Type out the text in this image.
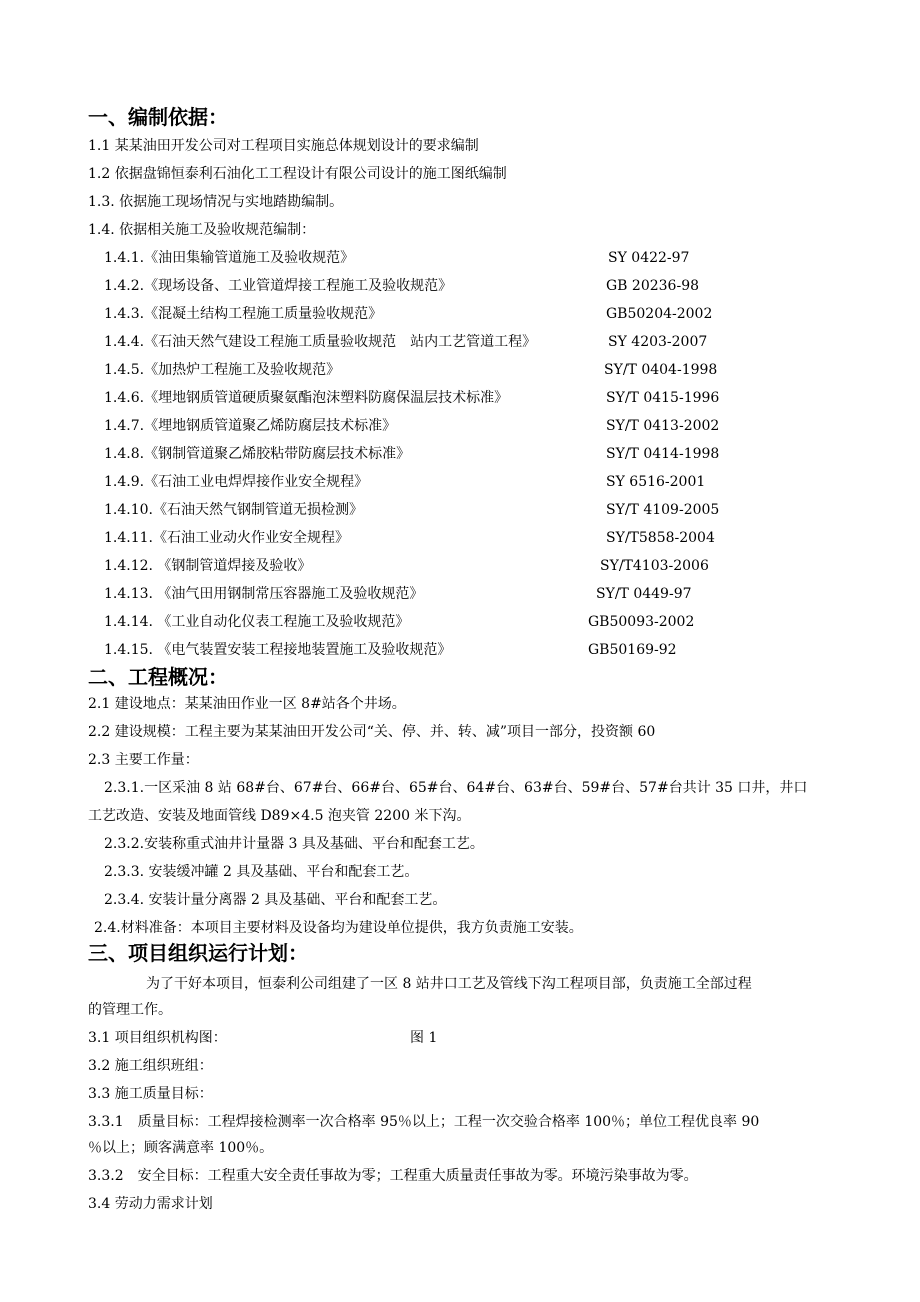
一、编制依据：
1.1 某某油田开发公司对工程项目实施总体规划设计的要求编制
1.2 依据盘锦恒泰利石油化工工程设计有限公司设计的施工图纸编制
1.3. 依据施工现场情况与实地踏勘编制。
1.4. 依据相关施工及验收规范编制：
1.4.1.《油田集输管道施工及验收规范》	SY 0422-97
1.4.2.《现场设备、工业管道焊接工程施工及验收规范》	GB 20236-98
1.4.3.《混凝土结构工程施工质量验收规范》	GB50204-2002
1.4.4.《石油天然气建设工程施工质量验收规范　站内工艺管道工程》	SY 4203-2007
1.4.5.《加热炉工程施工及验收规范》	SY/T 0404-1998
1.4.6.《埋地钢质管道硬质聚氨酯泡沫塑料防腐保温层技术标准》	SY/T 0415-1996
1.4.7.《埋地钢质管道聚乙烯防腐层技术标准》	SY/T 0413-2002
1.4.8.《钢制管道聚乙烯胶粘带防腐层技术标准》	SY/T 0414-1998
1.4.9.《石油工业电焊焊接作业安全规程》	SY 6516-2001
1.4.10.《石油天然气钢制管道无损检测》	SY/T 4109-2005
1.4.11.《石油工业动火作业安全规程》	SY/T5858-2004
1.4.12. 《钢制管道焊接及验收》	SY/T4103-2006
1.4.13. 《油气田用钢制常压容器施工及验收规范》	SY/T 0449-97
1.4.14. 《工业自动化仪表工程施工及验收规范》	GB50093-2002
1.4.15. 《电气装置安装工程接地装置施工及验收规范》	GB50169-92
二、工程概况：
2.1 建设地点：某某油田作业一区 8#站各个井场。
2.2 建设规模：工程主要为某某油田开发公司“关、停、并、转、减”项目一部分，投资额 60
2.3 主要工作量：
2.3.1.一区采油 8 站 68#台、67#台、66#台、65#台、64#台、63#台、59#台、57#台共计 35 口井，井口
工艺改造、安装及地面管线 D89×4.5 泡夹管 2200 米下沟。
2.3.2.安装称重式油井计量器 3 具及基础、平台和配套工艺。
2.3.3. 安装缓冲罐 2 具及基础、平台和配套工艺。
2.3.4. 安装计量分离器 2 具及基础、平台和配套工艺。
2.4.材料准备：本项目主要材料及设备均为建设单位提供，我方负责施工安装。
三、项目组织运行计划：
为了干好本项目，恒泰利公司组建了一区 8 站井口工艺及管线下沟工程项目部，负责施工全部过程
的管理工作。
3.1 项目组织机构图：	图 1
3.2 施工组织班组：
3.3 施工质量目标：
3.3.1　质量目标：工程焊接检测率一次合格率 95％以上；工程一次交验合格率 100％；单位工程优良率 90
％以上；顾客满意率 100％。
3.3.2　安全目标：工程重大安全责任事故为零；工程重大质量责任事故为零。环境污染事故为零。
3.4 劳动力需求计划
